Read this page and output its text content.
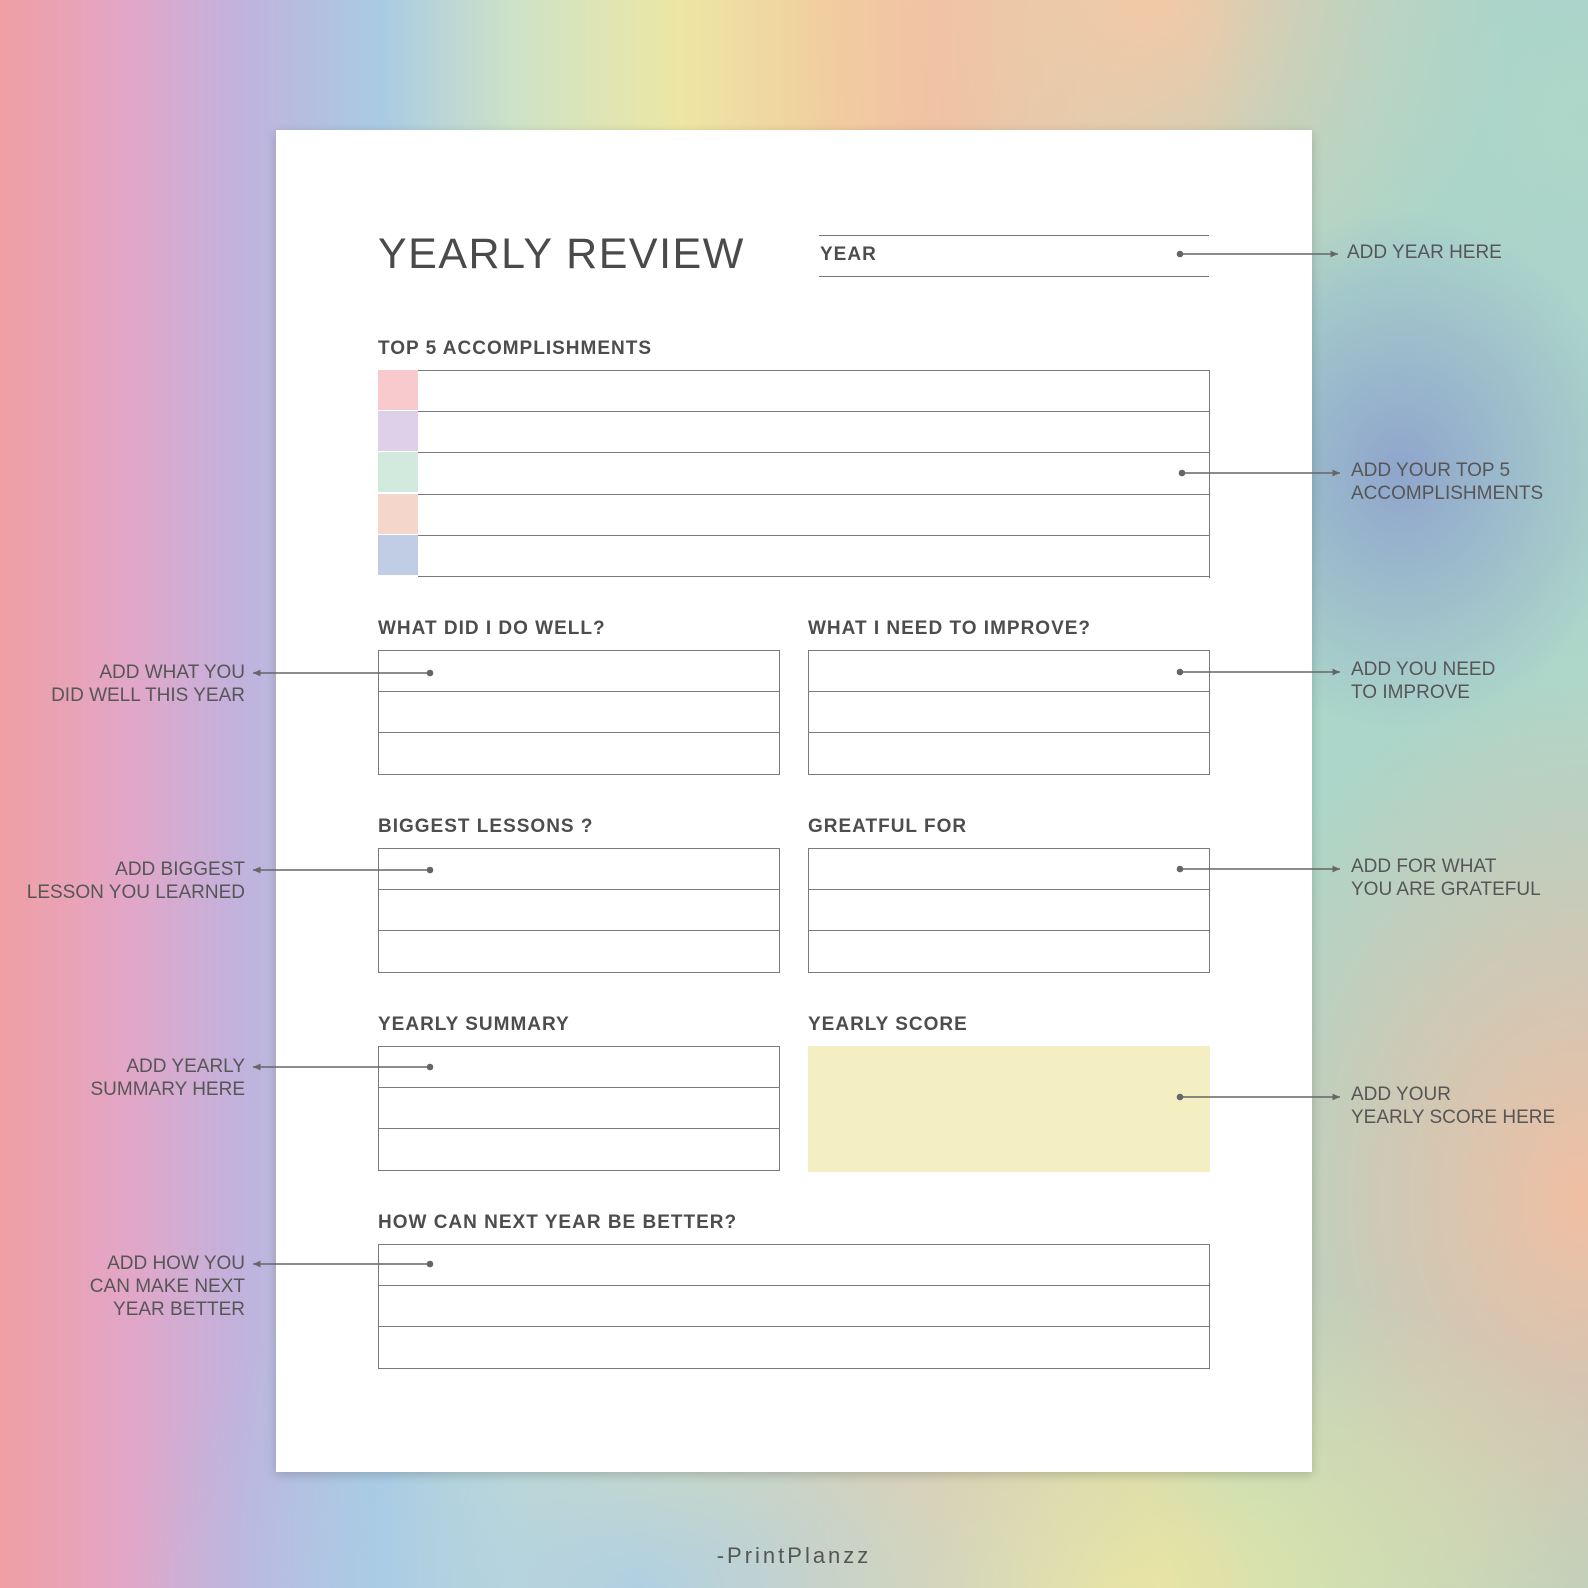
YEARLY REVIEW	YEAR
TOP 5 ACCOMPLISHMENTS
WHAT DID I DO WELL?	WHAT I NEED TO IMPROVE?
BIGGEST LESSONS ?	GREATFUL FOR
YEARLY SUMMARY	YEARLY SCORE
HOW CAN NEXT YEAR BE BETTER?
ADD YEAR HERE
ADD YOUR TOP 5
ACCOMPLISHMENTS
ADD YOU NEED
TO IMPROVE
ADD FOR WHAT
YOU ARE GRATEFUL
ADD YOUR
YEARLY SCORE HERE
ADD WHAT YOU
DID WELL THIS YEAR
ADD BIGGEST
LESSON YOU LEARNED
ADD YEARLY
SUMMARY HERE
ADD HOW YOU
CAN MAKE NEXT
YEAR BETTER
-PrintPlanzz
